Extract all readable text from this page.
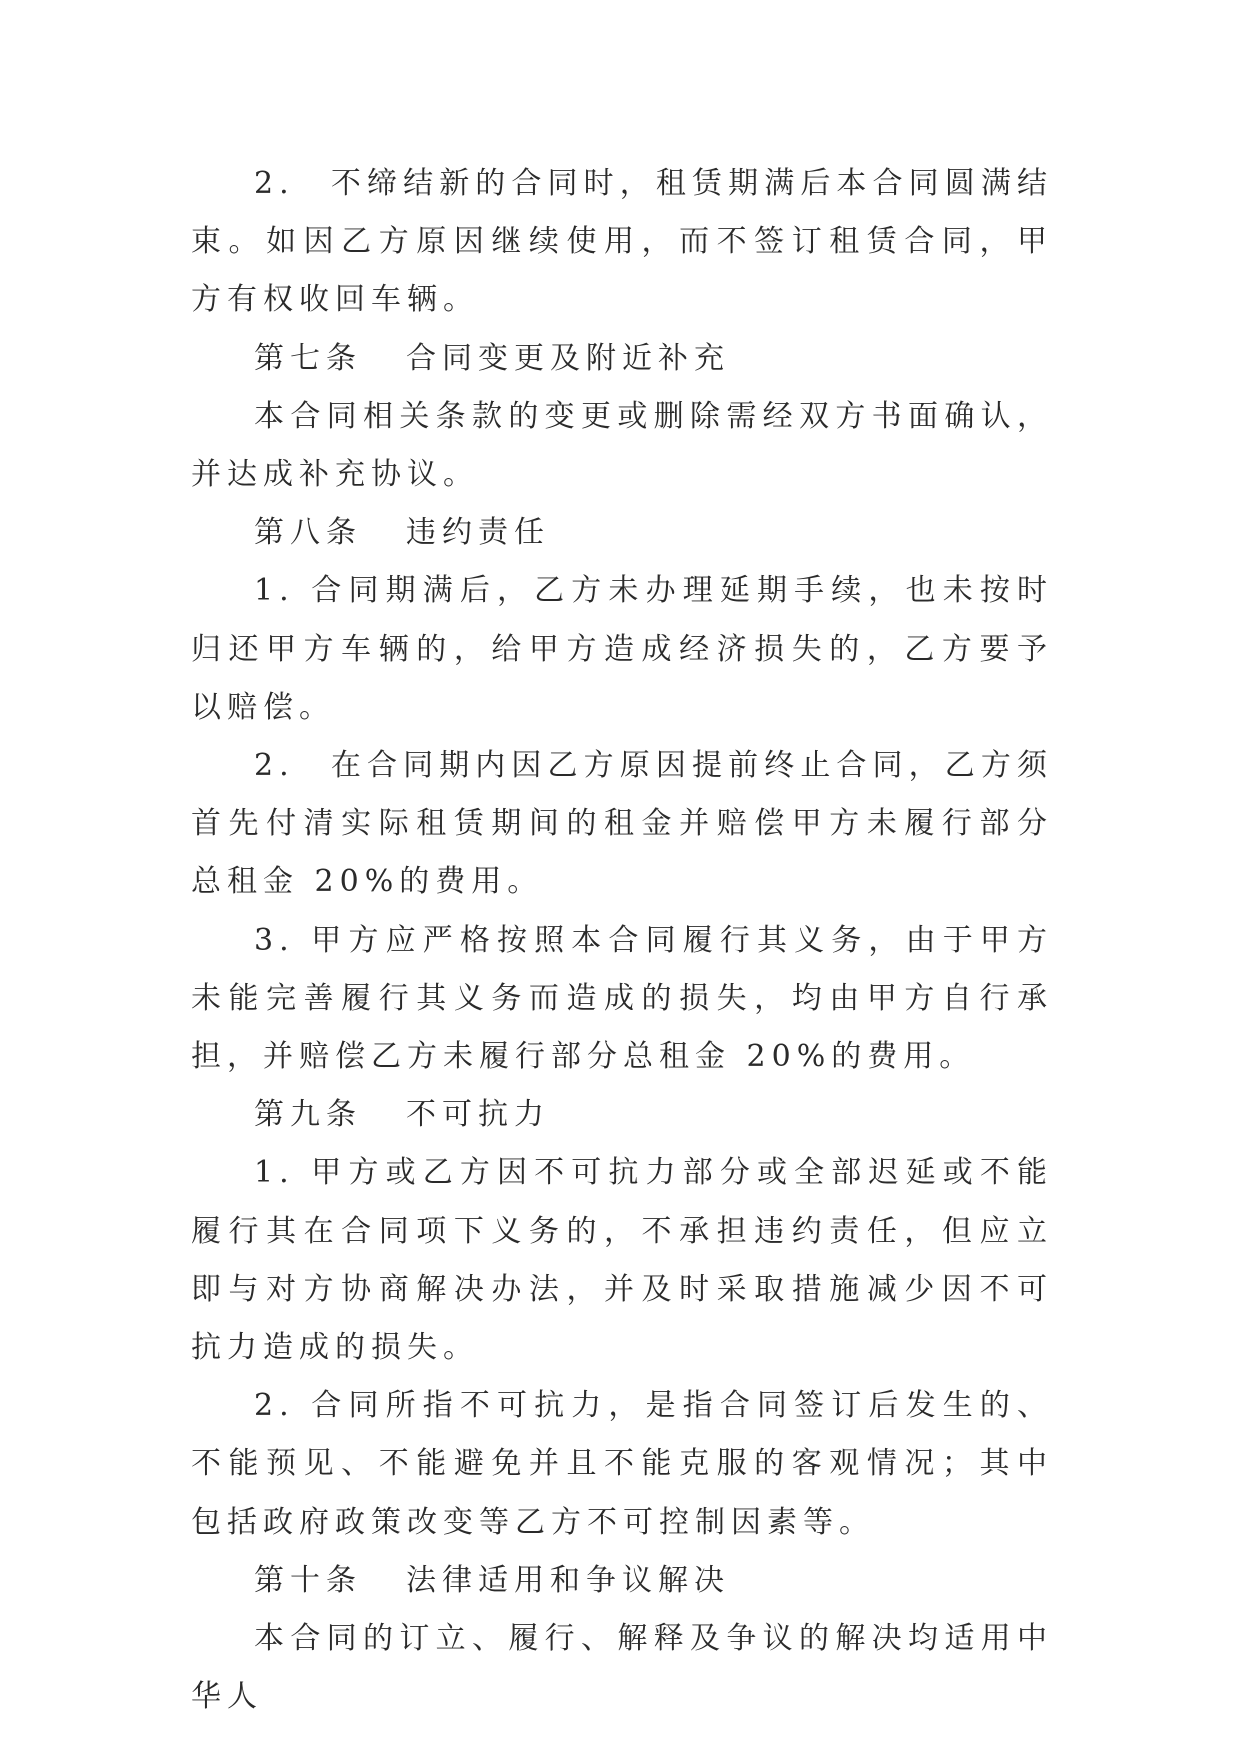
2.　不缔结新的合同时，租赁期满后本合同圆满结束。如因乙方原因继续使用，而不签订租赁合同，甲方有权收回车辆。

第七条 合同变更及附近补充

本合同相关条款的变更或删除需经双方书面确认，并达成补充协议。

第八条 违约责任

1. 合同期满后，乙方未办理延期手续，也未按时归还甲方车辆的，给甲方造成经济损失的，乙方要予以赔偿。

2.　在合同期内因乙方原因提前终止合同，乙方须首先付清实际租赁期间的租金并赔偿甲方未履行部分总租金 20%的费用。

3. 甲方应严格按照本合同履行其义务，由于甲方未能完善履行其义务而造成的损失，均由甲方自行承担，并赔偿乙方未履行部分总租金 20%的费用。

第九条 不可抗力

1. 甲方或乙方因不可抗力部分或全部迟延或不能履行其在合同项下义务的，不承担违约责任，但应立即与对方协商解决办法，并及时采取措施减少因不可抗力造成的损失。

2. 合同所指不可抗力，是指合同签订后发生的、不能预见、不能避免并且不能克服的客观情况；其中包括政府政策改变等乙方不可控制因素等。

第十条 法律适用和争议解决

本合同的订立、履行、解释及争议的解决均适用中华人
